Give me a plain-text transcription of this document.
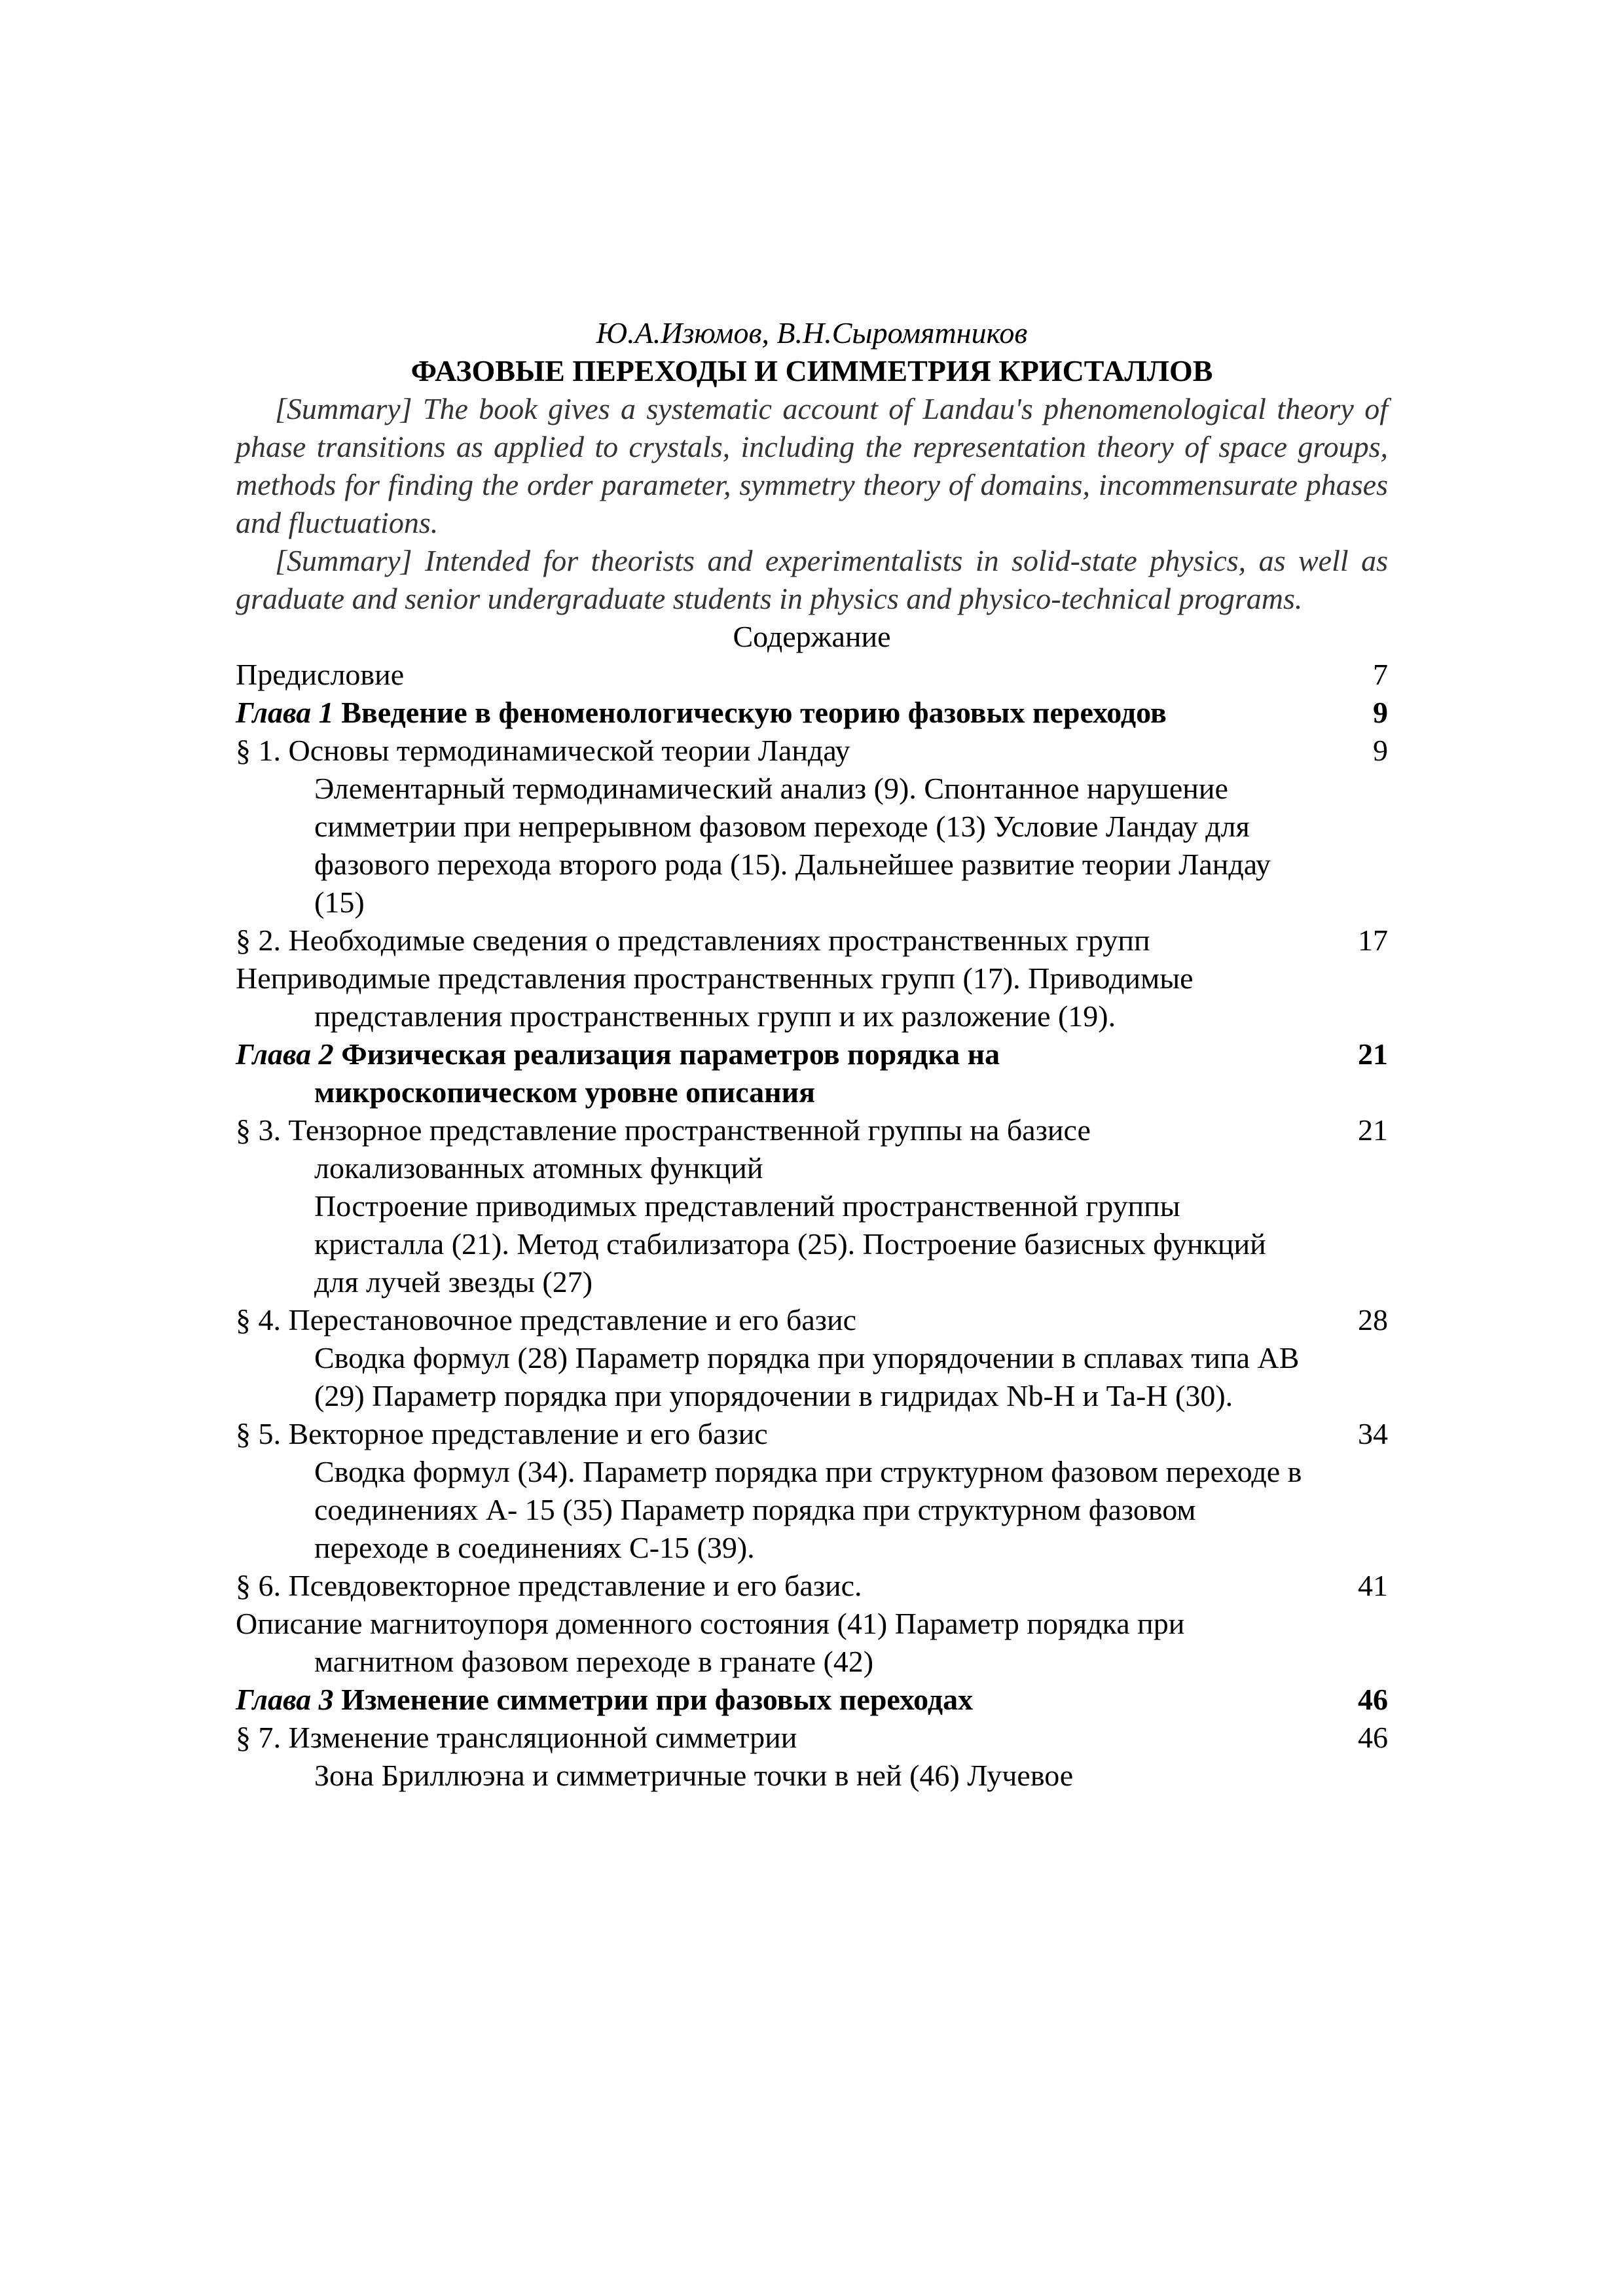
Ю.А.Изюмов, В.Н.Сыромятников
ФАЗОВЫЕ ПЕРЕХОДЫ И СИММЕТРИЯ КРИСТАЛЛОВ

[Summary] The book gives a systematic account of Landau's phenomenological theory of phase transitions as applied to crystals, including the representation theory of space groups, methods for finding the order parameter, symmetry theory of domains, incommensurate phases and fluctuations.

[Summary] Intended for theorists and experimentalists in solid-state physics, as well as graduate and senior undergraduate students in physics and physico-technical programs.

Содержание
Предисловие	7
Глава 1 Введение в феноменологическую теорию фазовых переходов	9
§ 1. Основы термодинамической теории Ландау	9
Элементарный термодинамический анализ (9). Спонтанное нарушение симметрии при непрерывном фазовом переходе (13) Условие Ландау для фазового перехода второго рода (15). Дальнейшее развитие теории Ландау (15)
§ 2. Необходимые сведения о представлениях пространственных групп	17
Неприводимые представления пространственных групп (17). Приводимые представления пространственных групп и их разложение (19).
Глава 2 Физическая реализация параметров порядка на	21
микроскопическом уровне описания
§ 3. Тензорное представление пространственной группы на базисе	21
локализованных атомных функций
Построение приводимых представлений пространственной группы кристалла (21). Метод стабилизатора (25). Построение базисных функций для лучей звезды (27)
§ 4. Перестановочное представление и его базис	28
Сводка формул (28) Параметр порядка при упорядочении в сплавах типа АВ (29) Параметр порядка при упорядочении в гидридах Nb-H и Ta-H (30).
§ 5. Векторное представление и его базис	34
Сводка формул (34). Параметр порядка при структурном фазовом переходе в соединениях А- 15 (35) Параметр порядка при структурном фазовом переходе в соединениях С-15 (39).
§ 6. Псевдовекторное представление и его базис.	41
Описание магнитоупоря доменного состояния (41) Параметр порядка при магнитном фазовом переходе в гранате (42)
Глава 3 Изменение симметрии при фазовых переходах	46
§ 7. Изменение трансляционной симметрии	46
Зона Бриллюэна и симметричные точки в ней (46) Лучевое
